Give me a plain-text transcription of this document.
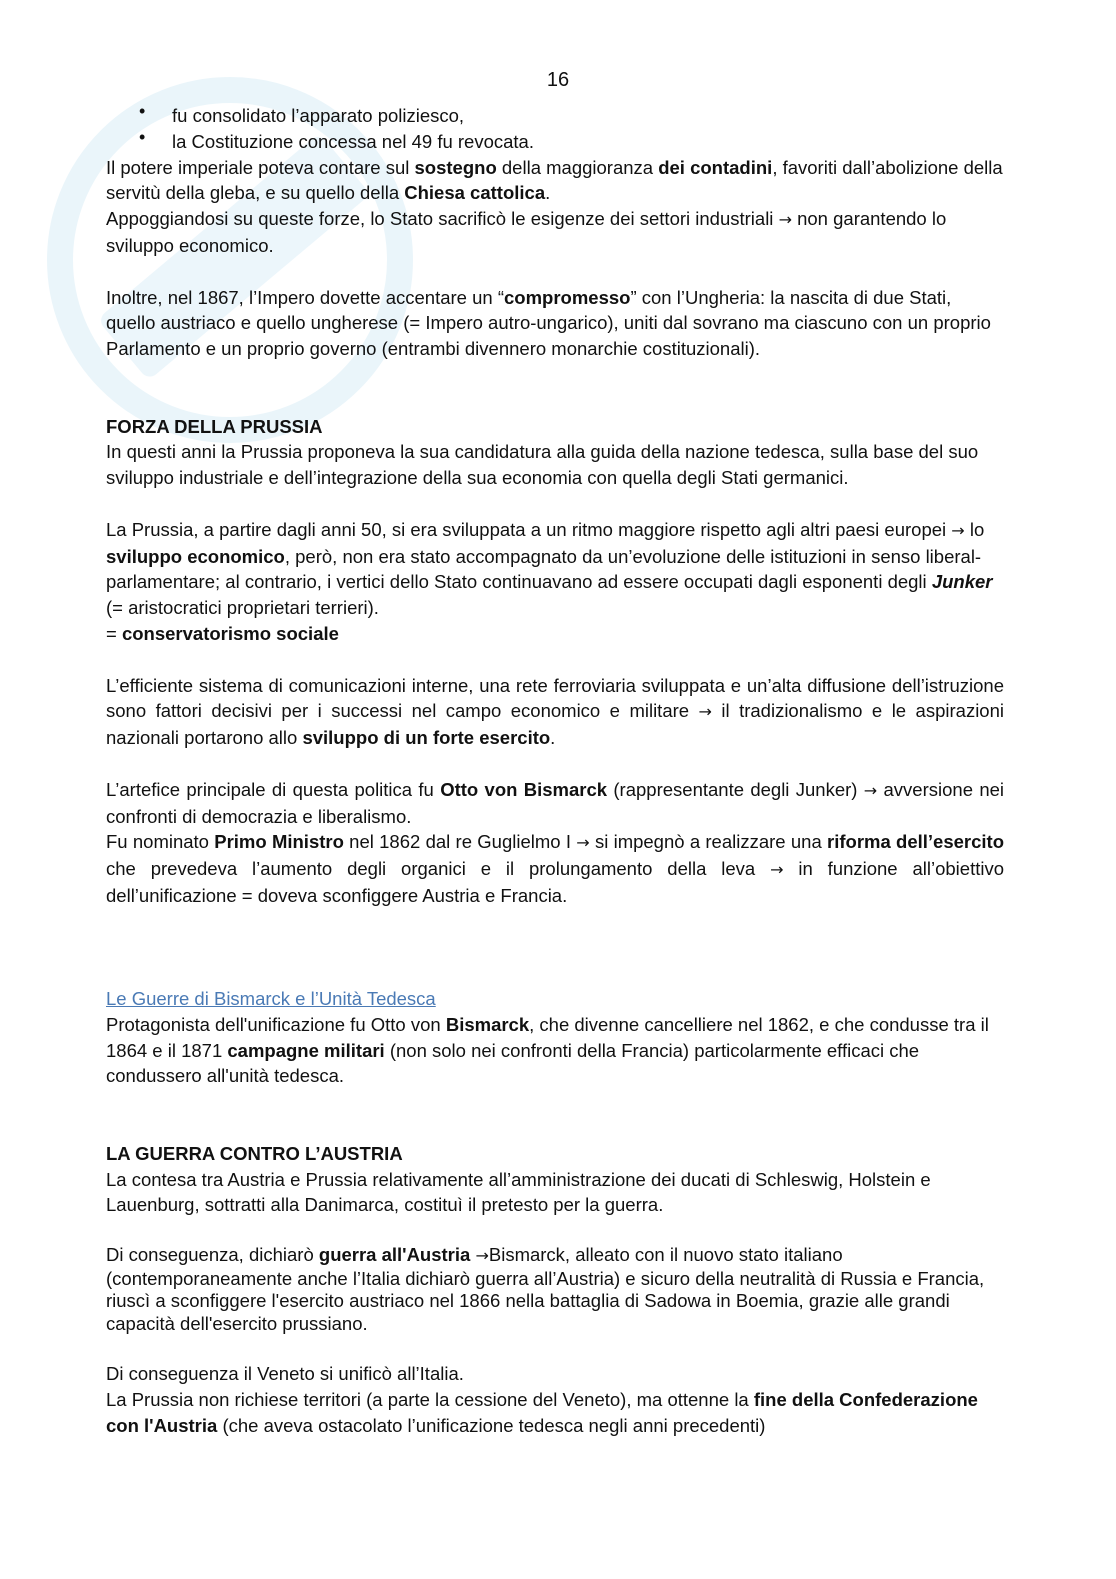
16
• fu consolidato l’apparato poliziesco,
• la Costituzione concessa nel 49 fu revocata.

Il potere imperiale poteva contare sul sostegno della maggioranza dei contadini, favoriti dall’abolizione della servitù della gleba, e su quello della Chiesa cattolica.

Appoggiandosi su queste forze, lo Stato sacrificò le esigenze dei settori industriali → non garantendo lo sviluppo economico.

Inoltre, nel 1867, l’Impero dovette accentare un “compromesso” con l’Ungheria: la nascita di due Stati, quello austriaco e quello ungherese (= Impero autro-ungarico), uniti dal sovrano ma ciascuno con un proprio Parlamento e un proprio governo (entrambi divennero monarchie costituzionali).

FORZA DELLA PRUSSIA

In questi anni la Prussia proponeva la sua candidatura alla guida della nazione tedesca, sulla base del suo sviluppo industriale e dell’integrazione della sua economia con quella degli Stati germanici.

La Prussia, a partire dagli anni 50, si era sviluppata a un ritmo maggiore rispetto agli altri paesi europei → lo sviluppo economico, però, non era stato accompagnato da un’evoluzione delle istituzioni in senso liberal-parlamentare; al contrario, i vertici dello Stato continuavano ad essere occupati dagli esponenti degli Junker (= aristocratici proprietari terrieri).

= conservatorismo sociale

L’efficiente sistema di comunicazioni interne, una rete ferroviaria sviluppata e un’alta diffusione dell’istruzione sono fattori decisivi per i successi nel campo economico e militare → il tradizionalismo e le aspirazioni nazionali portarono allo sviluppo di un forte esercito.

L’artefice principale di questa politica fu Otto von Bismarck (rappresentante degli Junker) → avversione nei confronti di democrazia e liberalismo.

Fu nominato Primo Ministro nel 1862 dal re Guglielmo I → si impegnò a realizzare una riforma dell’esercito che prevedeva l’aumento degli organici e il prolungamento della leva → in funzione all’obiettivo dell’unificazione = doveva sconfiggere Austria e Francia.

Le Guerre di Bismarck e l’Unità Tedesca

Protagonista dell'unificazione fu Otto von Bismarck, che divenne cancelliere nel 1862, e che condusse tra il 1864 e il 1871 campagne militari (non solo nei confronti della Francia) particolarmente efficaci che condussero all'unità tedesca.

LA GUERRA CONTRO L’AUSTRIA

La contesa tra Austria e Prussia relativamente all’amministrazione dei ducati di Schleswig, Holstein e Lauenburg, sottratti alla Danimarca, costituì il pretesto per la guerra.

Di conseguenza, dichiarò guerra all'Austria →Bismarck, alleato con il nuovo stato italiano (contemporaneamente anche l’Italia dichiarò guerra all’Austria) e sicuro della neutralità di Russia e Francia, riuscì a sconfiggere l'esercito austriaco nel 1866 nella battaglia di Sadowa in Boemia, grazie alle grandi capacità dell'esercito prussiano.

Di conseguenza il Veneto si unificò all’Italia.

La Prussia non richiese territori (a parte la cessione del Veneto), ma ottenne la fine della Confederazione con l'Austria (che aveva ostacolato l’unificazione tedesca negli anni precedenti)
